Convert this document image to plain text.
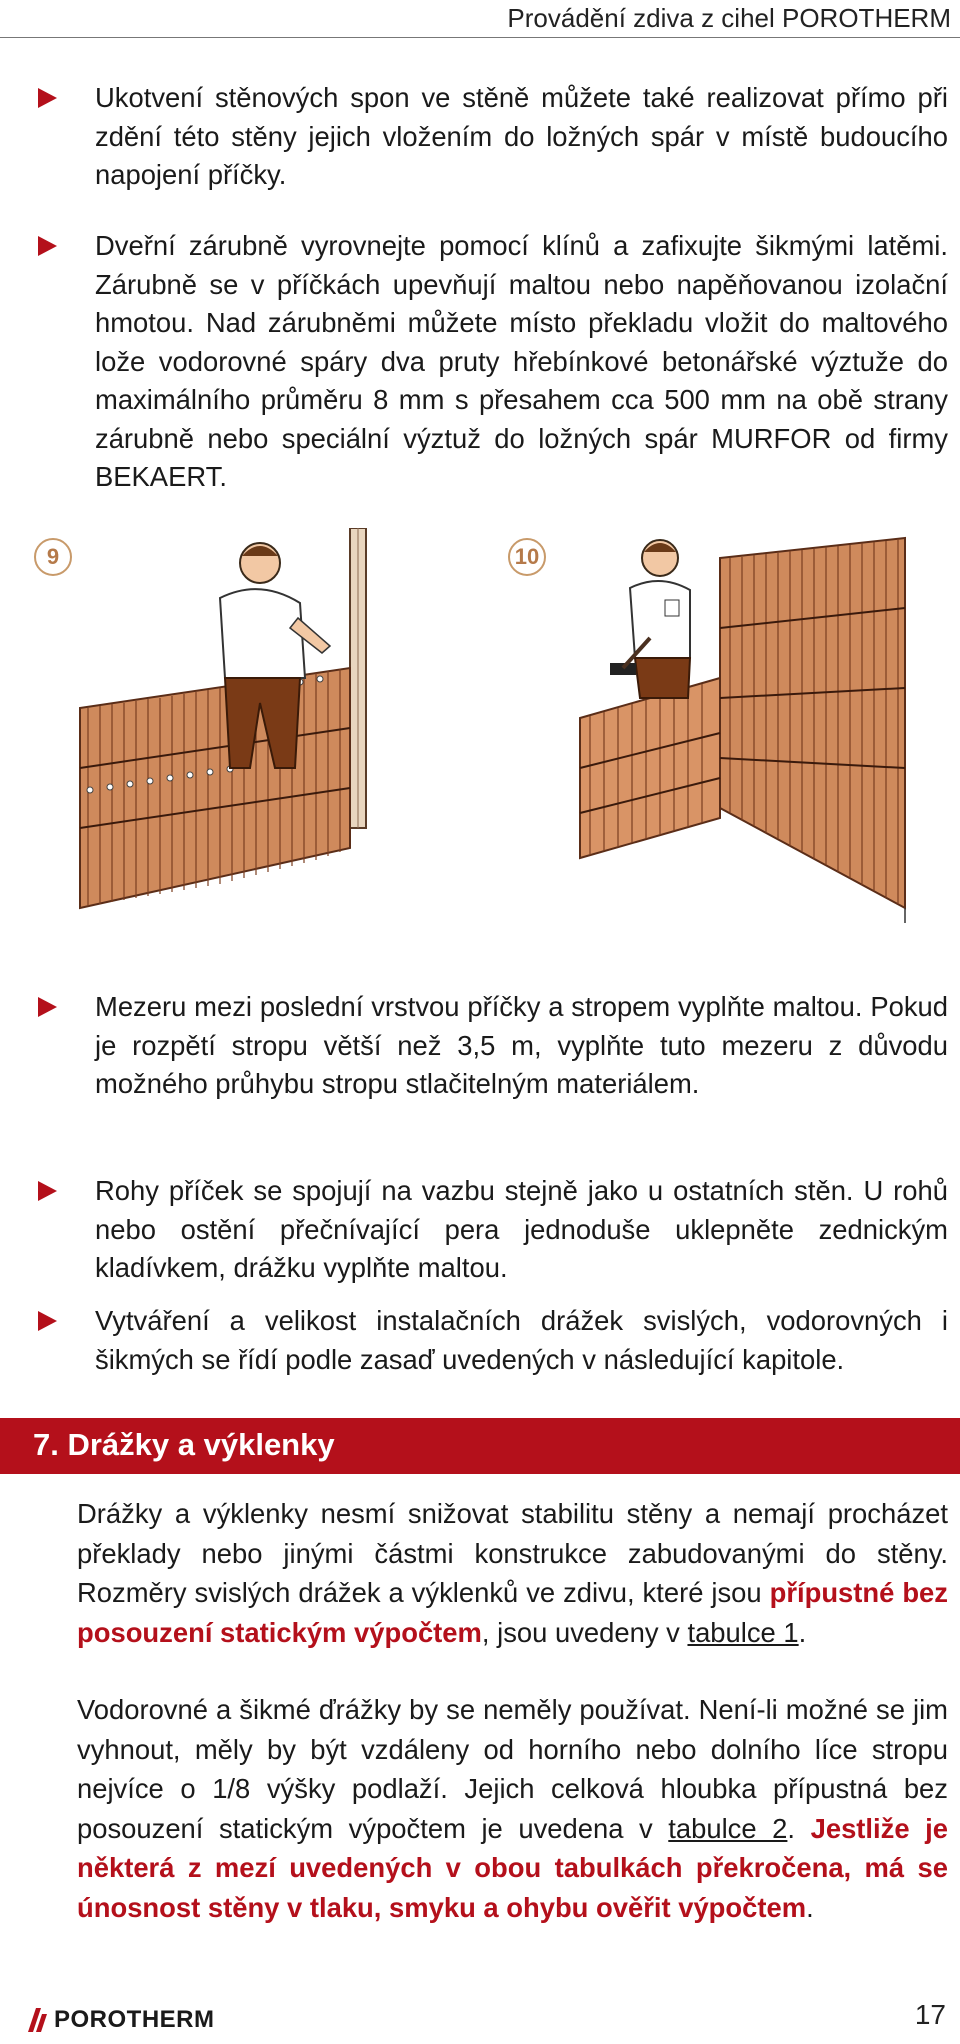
Provádění zdiva z cihel POROTHERM
Ukotvení stěnových spon ve stěně můžete také realizovat přímo při zdění této stěny jejich vložením do ložných spár v místě budoucího napojení příčky.
Dveřní zárubně vyrovnejte pomocí klínů a zafixujte šikmými latěmi. Zárubně se v příčkách upevňují maltou nebo napěňovanou izolační hmotou. Nad zárubněmi můžete místo překladu vložit do maltového lože vodorovné spáry dva pruty hřebínkové betonářské výztuže do maximálního průměru 8 mm s přesahem cca 500 mm na obě strany zárubně nebo speciální výztuž do ložných spár MURFOR od firmy BEKAERT.
9	10
Mezeru mezi poslední vrstvou příčky a stropem vyplňte maltou. Pokud je rozpětí stropu větší než 3,5 m, vyplňte tuto mezeru z důvodu možného průhybu stropu stlačitelným materiálem.
Rohy příček se spojují na vazbu stejně jako u ostatních stěn. U rohů nebo ostění přečnívající pera jednoduše uklepněte zednickým kladívkem, drážku vyplňte maltou.
Vytváření a velikost instalačních drážek svislých, vodorovných i šikmých se řídí podle zasaď uvedených v následující kapitole.
7. Drážky a výklenky
Drážky a výklenky nesmí snižovat stabilitu stěny a nemají procházet překlady nebo jinými částmi konstrukce zabudovanými do stěny. Rozměry svislých drážek a výklenků ve zdivu, které jsou přípustné bez posouzení statickým výpočtem, jsou uvedeny v tabulce 1.
Vodorovné a šikmé ďrážky by se neměly používat. Není-li možné se jim vyhnout, měly by být vzdáleny od horního nebo dolního líce stropu nejvíce o 1/8 výšky podlaží. Jejich celková hloubka přípustná bez posouzení statickým výpočtem je uvedena v tabulce 2. Jestliže je některá z mezí uvedených v obou tabulkách překročena, má se únosnost stěny v tlaku, smyku a ohybu ověřit výpočtem.
POROTHERM	17
